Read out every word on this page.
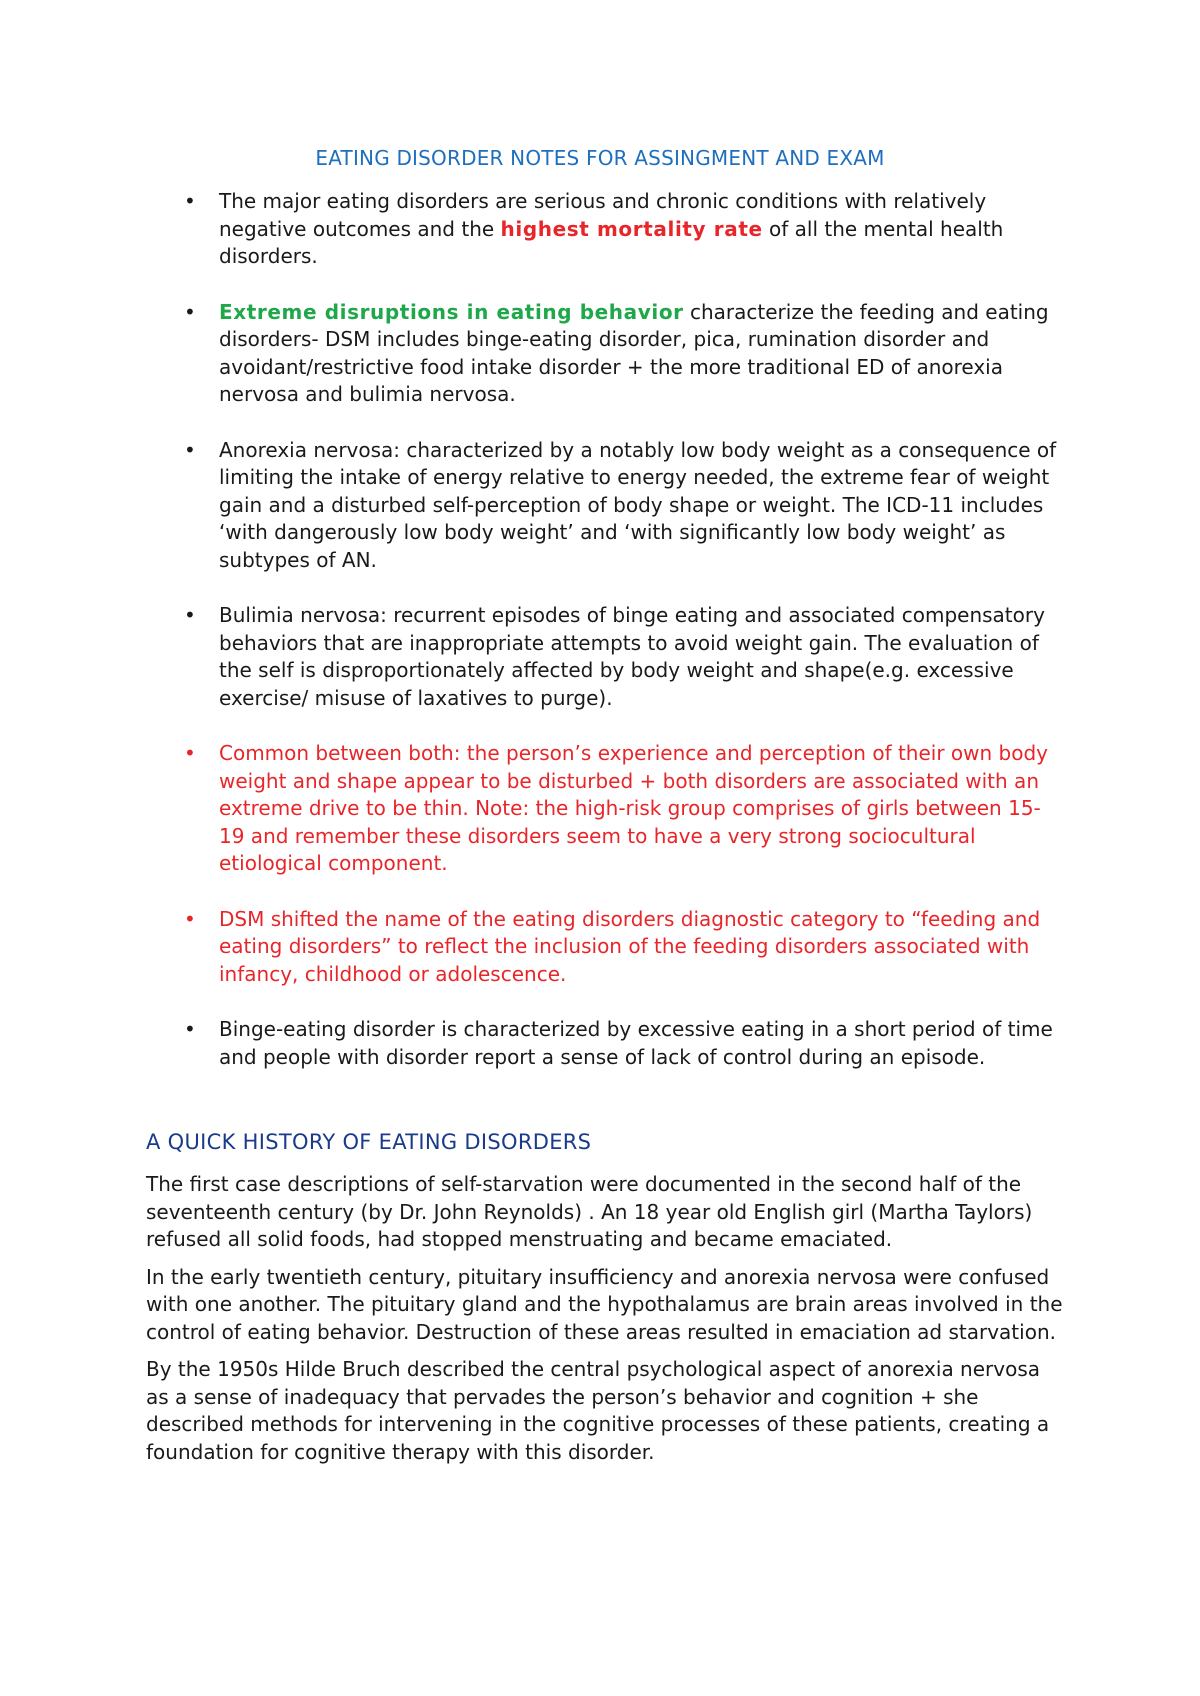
EATING DISORDER NOTES FOR ASSINGMENT AND EXAM
• The major eating disorders are serious and chronic conditions with relatively negative outcomes and the highest mortality rate of all the mental health disorders.
• Extreme disruptions in eating behavior characterize the feeding and eating disorders- DSM includes binge-eating disorder, pica, rumination disorder and avoidant/restrictive food intake disorder + the more traditional ED of anorexia nervosa and bulimia nervosa.
• Anorexia nervosa: characterized by a notably low body weight as a consequence of limiting the intake of energy relative to energy needed, the extreme fear of weight gain and a disturbed self-perception of body shape or weight. The ICD-11 includes ‘with dangerously low body weight’ and ‘with significantly low body weight’ as subtypes of AN.
• Bulimia nervosa: recurrent episodes of binge eating and associated compensatory behaviors that are inappropriate attempts to avoid weight gain. The evaluation of the self is disproportionately affected by body weight and shape(e.g. excessive exercise/ misuse of laxatives to purge).
• Common between both: the person’s experience and perception of their own body weight and shape appear to be disturbed + both disorders are associated with an extreme drive to be thin. Note: the high-risk group comprises of girls between 15-19 and remember these disorders seem to have a very strong sociocultural etiological component.
• DSM shifted the name of the eating disorders diagnostic category to “feeding and eating disorders” to reflect the inclusion of the feeding disorders associated with infancy, childhood or adolescence.
• Binge-eating disorder is characterized by excessive eating in a short period of time and people with disorder report a sense of lack of control during an episode.
A QUICK HISTORY OF EATING DISORDERS

The first case descriptions of self-starvation were documented in the second half of the seventeenth century (by Dr. John Reynolds) . An 18 year old English girl (Martha Taylors) refused all solid foods, had stopped menstruating and became emaciated.

In the early twentieth century, pituitary insufficiency and anorexia nervosa were confused with one another. The pituitary gland and the hypothalamus are brain areas involved in the control of eating behavior. Destruction of these areas resulted in emaciation ad starvation.

By the 1950s Hilde Bruch described the central psychological aspect of anorexia nervosa as a sense of inadequacy that pervades the person’s behavior and cognition + she described methods for intervening in the cognitive processes of these patients, creating a foundation for cognitive therapy with this disorder.
